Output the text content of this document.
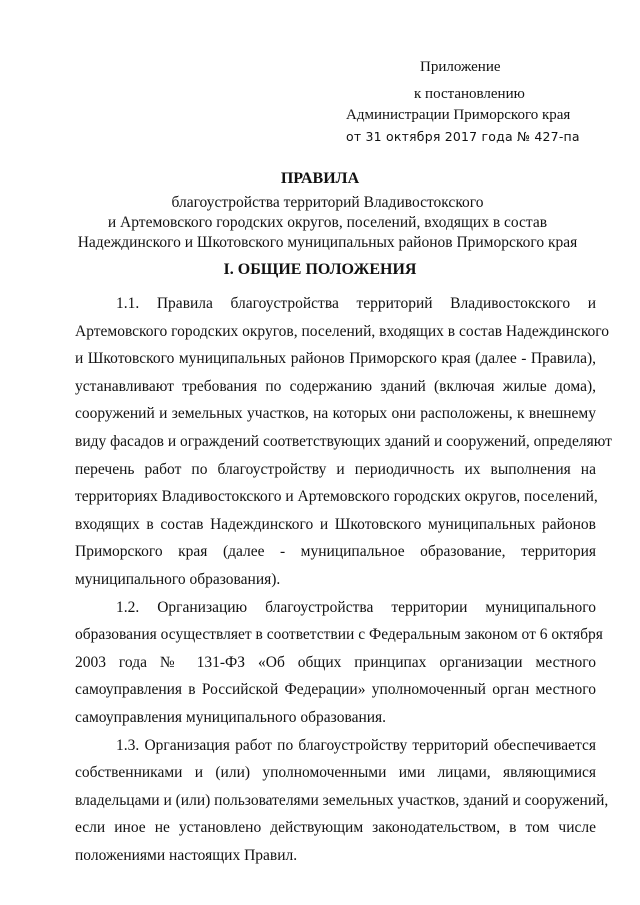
Приложение
к постановлению
Администрации Приморского края
от 31 октября 2017 года № 427-па
ПРАВИЛА
благоустройства территорий Владивостокского
и Артемовского городских округов, поселений, входящих в состав
Надеждинского и Шкотовского муниципальных районов Приморского края
I. ОБЩИЕ ПОЛОЖЕНИЯ
1.1. Правила благоустройства территорий Владивостокского и
Артемовского городских округов, поселений, входящих в состав Надеждинского
и Шкотовского муниципальных районов Приморского края (далее - Правила),
устанавливают требования по содержанию зданий (включая жилые дома),
сооружений и земельных участков, на которых они расположены, к внешнему
виду фасадов и ограждений соответствующих зданий и сооружений, определяют
перечень работ по благоустройству и периодичность их выполнения на
территориях Владивостокского и Артемовского городских округов, поселений,
входящих в состав Надеждинского и Шкотовского муниципальных районов
Приморского края (далее - муниципальное образование, территория
муниципального образования).
1.2. Организацию благоустройства территории муниципального
образования осуществляет в соответствии с Федеральным законом от 6 октября
2003 года № 131-ФЗ «Об общих принципах организации местного
самоуправления в Российской Федерации» уполномоченный орган местного
самоуправления муниципального образования.
1.3. Организация работ по благоустройству территорий обеспечивается
собственниками и (или) уполномоченными ими лицами, являющимися
владельцами и (или) пользователями земельных участков, зданий и сооружений,
если иное не установлено действующим законодательством, в том числе
положениями настоящих Правил.
